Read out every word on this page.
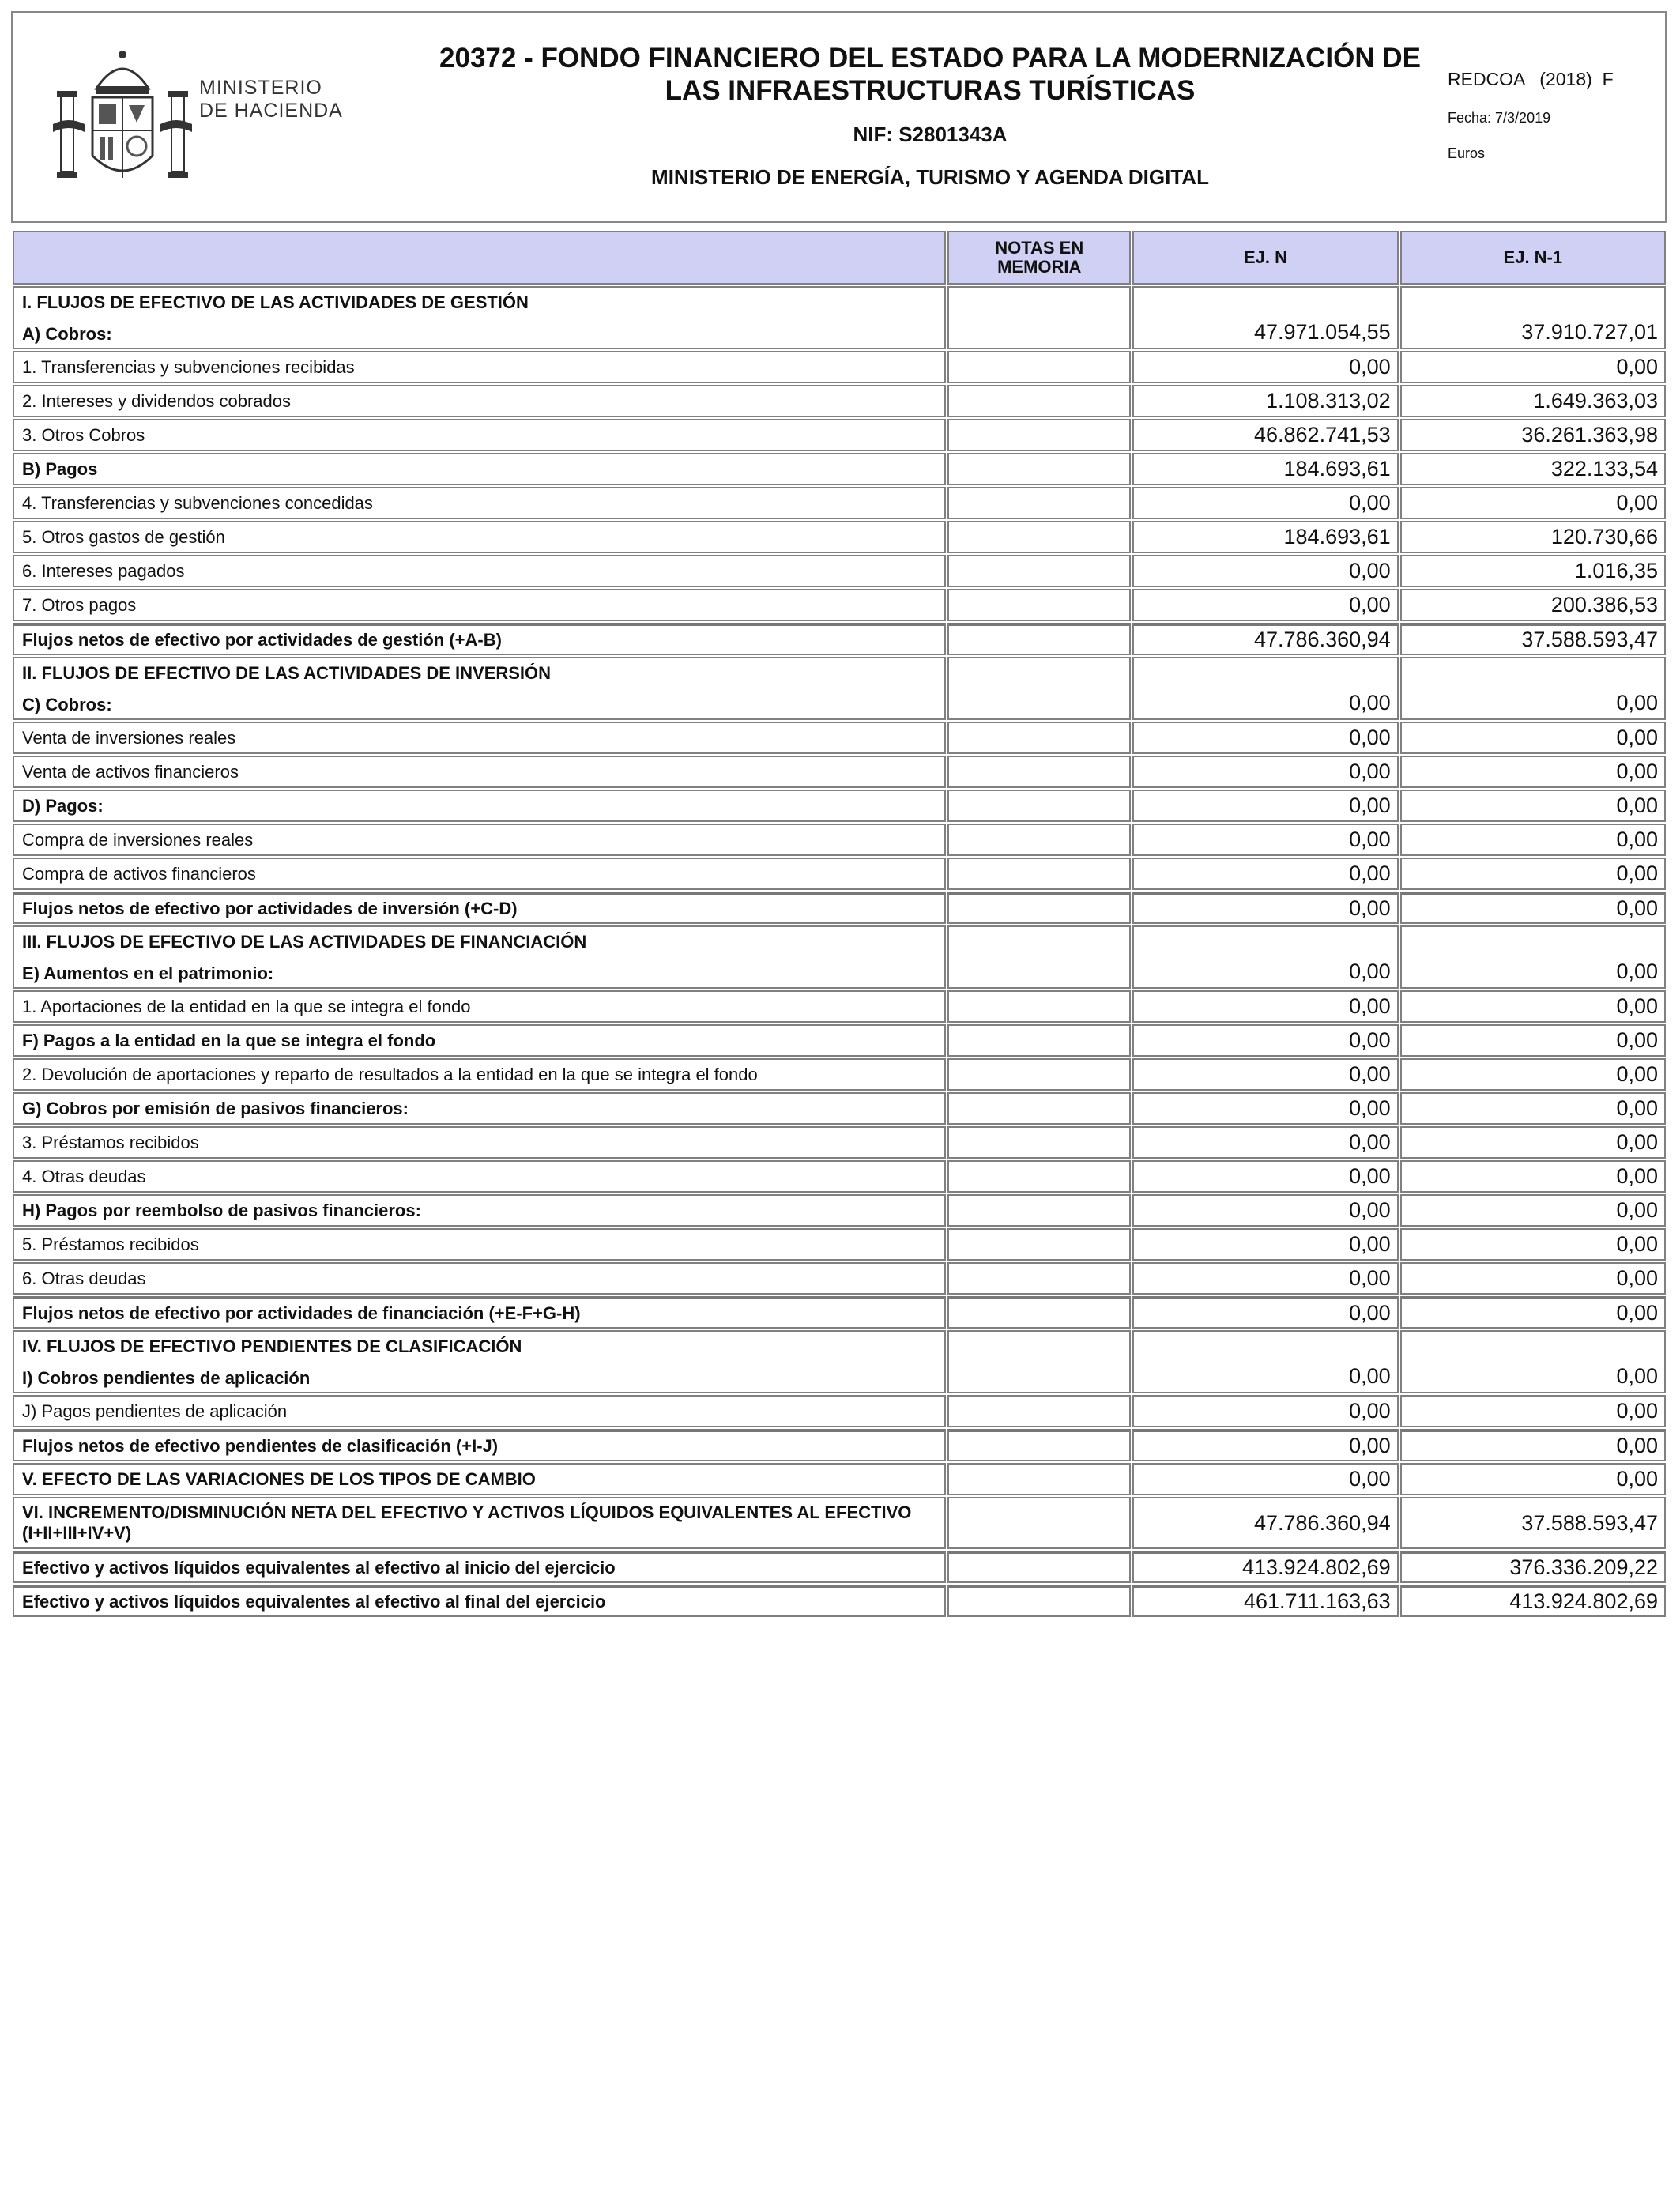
MINISTERIO
DE HACIENDA
20372 - FONDO FINANCIERO DEL ESTADO PARA LA MODERNIZACIÓN DE
LAS INFRAESTRUCTURAS TURÍSTICAS
NIF: S2801343A
MINISTERIO DE ENERGÍA, TURISMO Y AGENDA DIGITAL
REDCOA   (2018)  F
Fecha: 7/3/2019
Euros
	NOTAS EN MEMORIA	EJ. N	EJ. N-1

I. FLUJOS DE EFECTIVO DE LAS ACTIVIDADES DE GESTIÓN
A) Cobros:		47.971.054,55	37.910.727,01
1. Transferencias y subvenciones recibidas		0,00	0,00
2. Intereses y dividendos cobrados		1.108.313,02	1.649.363,03
3. Otros Cobros		46.862.741,53	36.261.363,98
B) Pagos		184.693,61	322.133,54
4. Transferencias y subvenciones concedidas		0,00	0,00
5. Otros gastos de gestión		184.693,61	120.730,66
6. Intereses pagados		0,00	1.016,35
7. Otros pagos		0,00	200.386,53
Flujos netos de efectivo por actividades de gestión (+A-B)		47.786.360,94	37.588.593,47

II. FLUJOS DE EFECTIVO DE LAS ACTIVIDADES DE INVERSIÓN
C) Cobros:		0,00	0,00
Venta de inversiones reales		0,00	0,00
Venta de activos financieros		0,00	0,00
D) Pagos:		0,00	0,00
Compra de inversiones reales		0,00	0,00
Compra de activos financieros		0,00	0,00
Flujos netos de efectivo por actividades de inversión (+C-D)		0,00	0,00

III. FLUJOS DE EFECTIVO DE LAS ACTIVIDADES DE FINANCIACIÓN
E) Aumentos en el patrimonio:		0,00	0,00
1. Aportaciones de la entidad en la que se integra el fondo		0,00	0,00
F) Pagos a la entidad en la que se integra el fondo		0,00	0,00
2. Devolución de aportaciones y reparto de resultados a la entidad en la que se integra el fondo		0,00	0,00
G) Cobros por emisión de pasivos financieros:		0,00	0,00
3. Préstamos recibidos		0,00	0,00
4. Otras deudas		0,00	0,00
H) Pagos por reembolso de pasivos financieros:		0,00	0,00
5. Préstamos recibidos		0,00	0,00
6. Otras deudas		0,00	0,00
Flujos netos de efectivo por actividades de financiación (+E-F+G-H)		0,00	0,00

IV. FLUJOS DE EFECTIVO PENDIENTES DE CLASIFICACIÓN
I) Cobros pendientes de aplicación		0,00	0,00
J) Pagos pendientes de aplicación		0,00	0,00
Flujos netos de efectivo pendientes de clasificación (+I-J)		0,00	0,00
V. EFECTO DE LAS VARIACIONES DE LOS TIPOS DE CAMBIO		0,00	0,00
VI. INCREMENTO/DISMINUCIÓN NETA DEL EFECTIVO Y ACTIVOS LÍQUIDOS EQUIVALENTES AL EFECTIVO (I+II+III+IV+V)		47.786.360,94	37.588.593,47
Efectivo y activos líquidos equivalentes al efectivo al inicio del ejercicio		413.924.802,69	376.336.209,22
Efectivo y activos líquidos equivalentes al efectivo al final del ejercicio		461.711.163,63	413.924.802,69
